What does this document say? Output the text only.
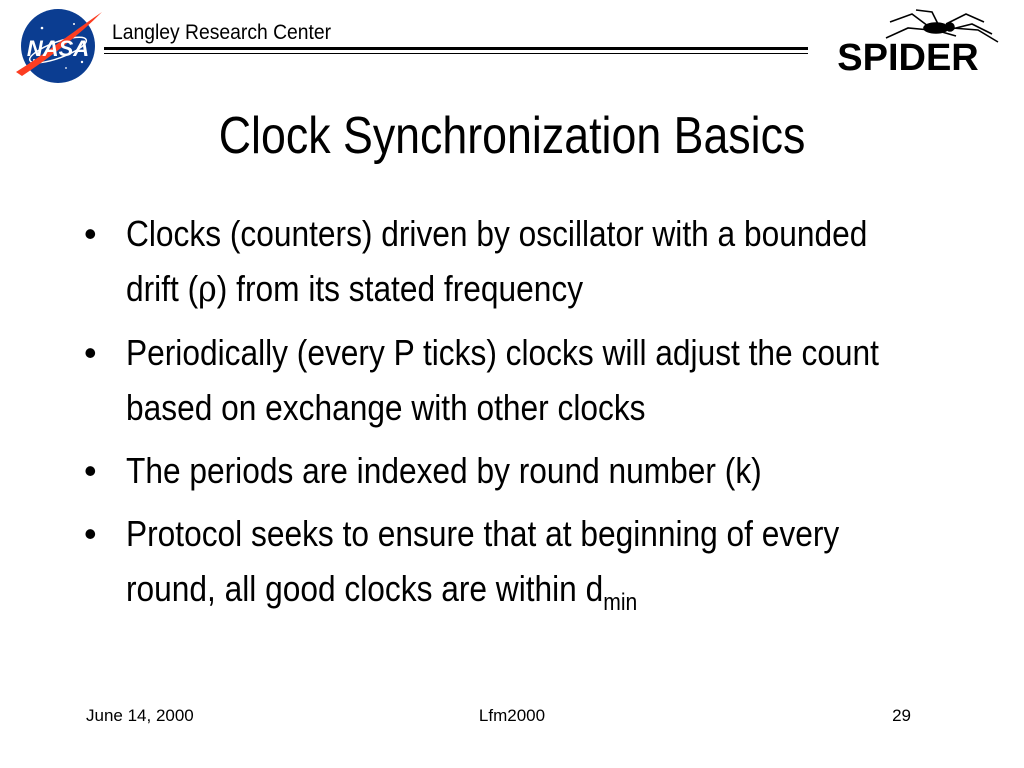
NASA
Langley Research Center
SPIDER
Clock Synchronization Basics
• Clocks (counters) driven by oscillator with a bounded drift (ρ) from its stated frequency
• Periodically (every P ticks) clocks will adjust the count based on exchange with other clocks
• The periods are indexed by round number (k)
• Protocol seeks to ensure that at beginning of every round, all good clocks are within $d_{min}$
June 14, 2000	Lfm2000	29
